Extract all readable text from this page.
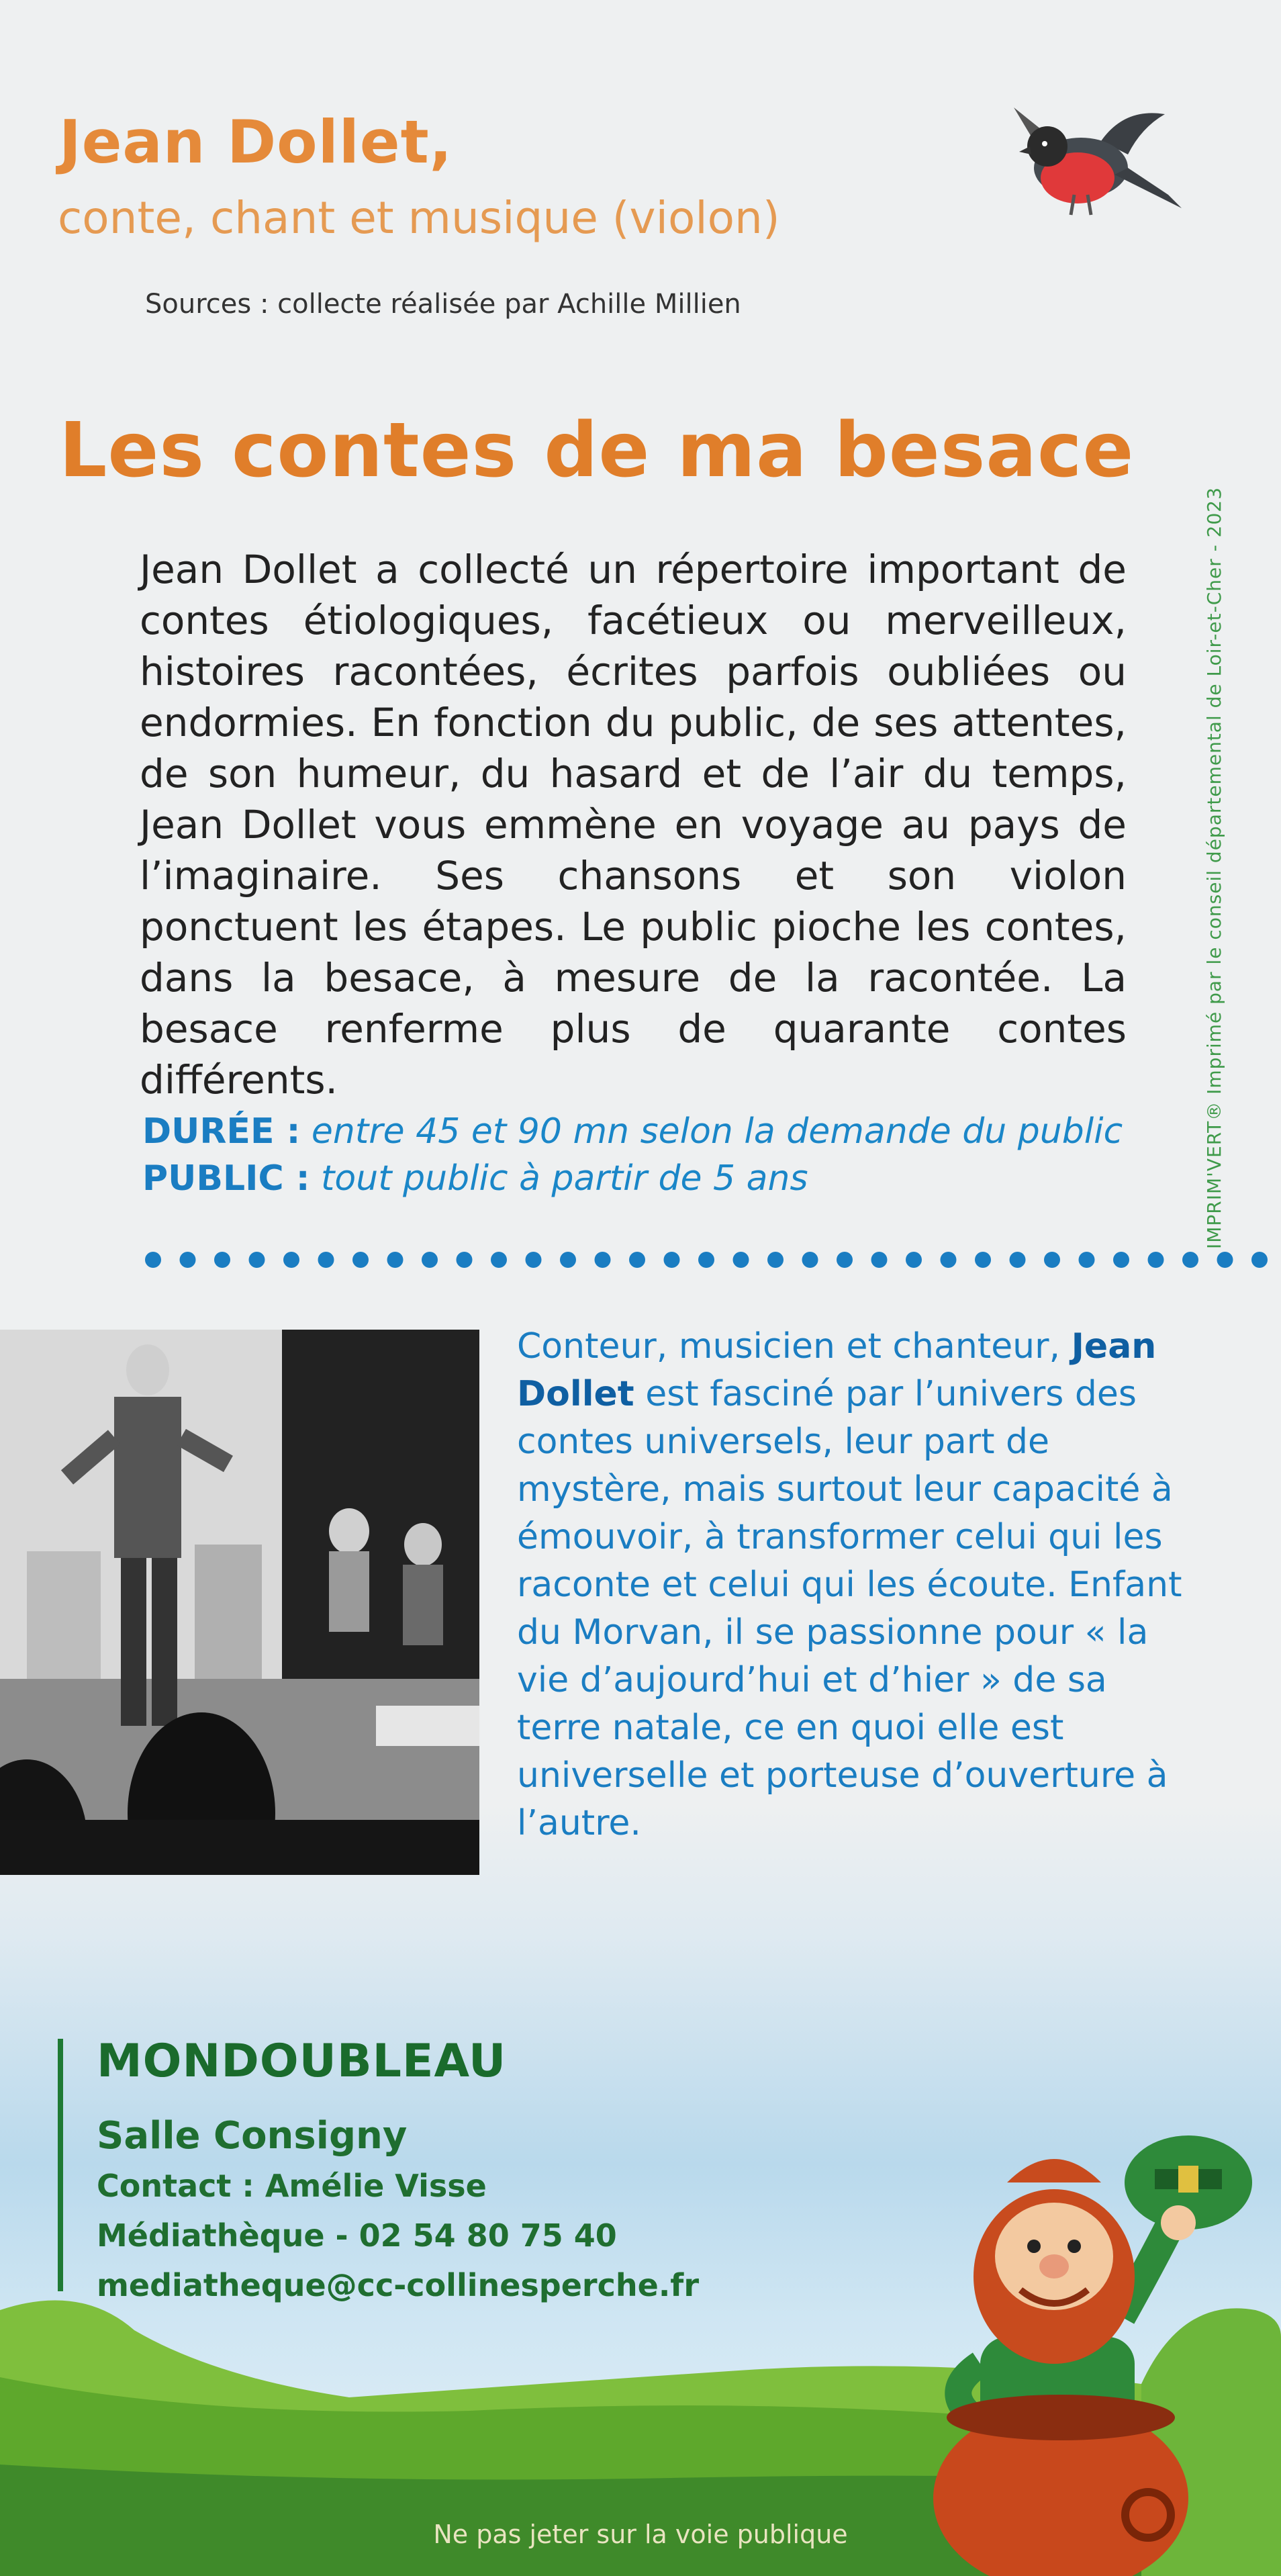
Jean Dollet,
conte, chant et musique (violon)
Sources : collecte réalisée par Achille Millien
Les contes de ma besace
Jean Dollet a collecté un répertoire important de contes étiologiques, facétieux ou merveilleux, histoires racontées, écrites parfois oubliées ou endormies. En fonction du public, de ses attentes, de son humeur, du hasard et de l’air du temps, Jean Dollet vous emmène en voyage au pays de l’imaginaire. Ses chansons et son violon ponctuent les étapes. Le public pioche les contes, dans la besace, à mesure de la racontée. La besace renferme plus de quarante contes différents.
DURÉE : entre 45 et 90 mn selon la demande du public
PUBLIC : tout public à partir de 5 ans	IMPRIM'VERT® Imprimé par le conseil départemental de Loir-et-Cher - 2023
Conteur, musicien et chanteur, Jean Dollet est fasciné par l’univers des contes universels, leur part de mystère, mais surtout leur capacité à émouvoir, à transformer celui qui les raconte et celui qui les écoute. Enfant du Morvan, il se passionne pour « la vie d’aujourd’hui et d’hier » de sa terre natale, ce en quoi elle est universelle et porteuse d’ouverture à l’autre.
MONDOUBLEAU
Salle Consigny
Contact : Amélie Visse
Médiathèque - 02 54 80 75 40
mediatheque@cc-collinesperche.fr
Ne pas jeter sur la voie publique
